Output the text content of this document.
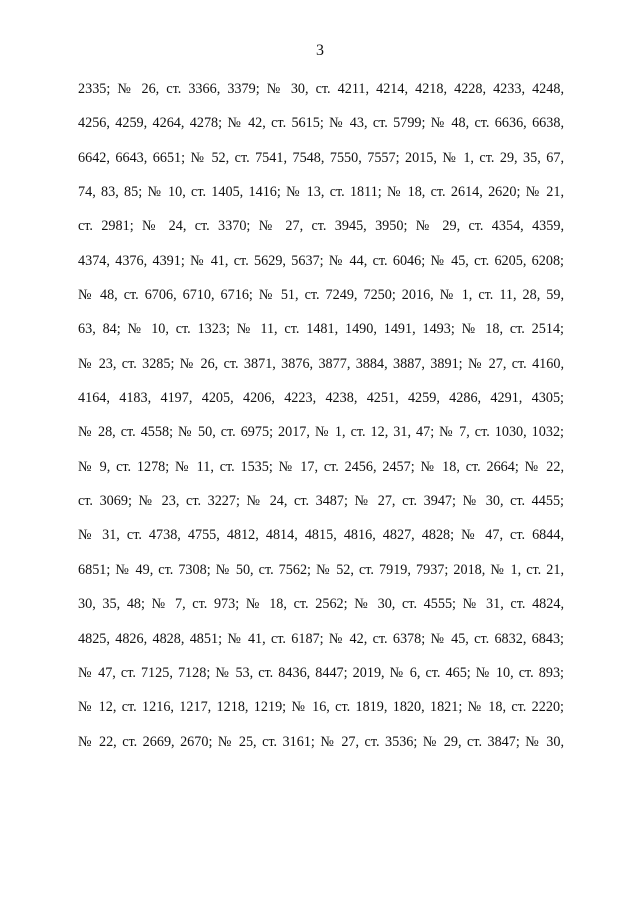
3
2335; № 26, ст. 3366, 3379; № 30, ст. 4211, 4214, 4218, 4228, 4233, 4248,
4256, 4259, 4264, 4278; № 42, ст. 5615; № 43, ст. 5799; № 48, ст. 6636, 6638,
6642, 6643, 6651; № 52, ст. 7541, 7548, 7550, 7557; 2015, № 1, ст. 29, 35, 67,
74, 83, 85; № 10, ст. 1405, 1416; № 13, ст. 1811; № 18, ст. 2614, 2620; № 21,
ст. 2981; № 24, ст. 3370; № 27, ст. 3945, 3950; № 29, ст. 4354, 4359,
4374, 4376, 4391; № 41, ст. 5629, 5637; № 44, ст. 6046; № 45, ст. 6205, 6208;
№ 48, ст. 6706, 6710, 6716; № 51, ст. 7249, 7250; 2016, № 1, ст. 11, 28, 59,
63, 84; № 10, ст. 1323; № 11, ст. 1481, 1490, 1491, 1493; № 18, ст. 2514;
№ 23, ст. 3285; № 26, ст. 3871, 3876, 3877, 3884, 3887, 3891; № 27, ст. 4160,
4164, 4183, 4197, 4205, 4206, 4223, 4238, 4251, 4259, 4286, 4291, 4305;
№ 28, ст. 4558; № 50, ст. 6975; 2017, № 1, ст. 12, 31, 47; № 7, ст. 1030, 1032;
№ 9, ст. 1278; № 11, ст. 1535; № 17, ст. 2456, 2457; № 18, ст. 2664; № 22,
ст. 3069; № 23, ст. 3227; № 24, ст. 3487; № 27, ст. 3947; № 30, ст. 4455;
№ 31, ст. 4738, 4755, 4812, 4814, 4815, 4816, 4827, 4828; № 47, ст. 6844,
6851; № 49, ст. 7308; № 50, ст. 7562; № 52, ст. 7919, 7937; 2018, № 1, ст. 21,
30, 35, 48; № 7, ст. 973; № 18, ст. 2562; № 30, ст. 4555; № 31, ст. 4824,
4825, 4826, 4828, 4851; № 41, ст. 6187; № 42, ст. 6378; № 45, ст. 6832, 6843;
№ 47, ст. 7125, 7128; № 53, ст. 8436, 8447; 2019, № 6, ст. 465; № 10, ст. 893;
№ 12, ст. 1216, 1217, 1218, 1219; № 16, ст. 1819, 1820, 1821; № 18, ст. 2220;
№ 22, ст. 2669, 2670; № 25, ст. 3161; № 27, ст. 3536; № 29, ст. 3847; № 30,
